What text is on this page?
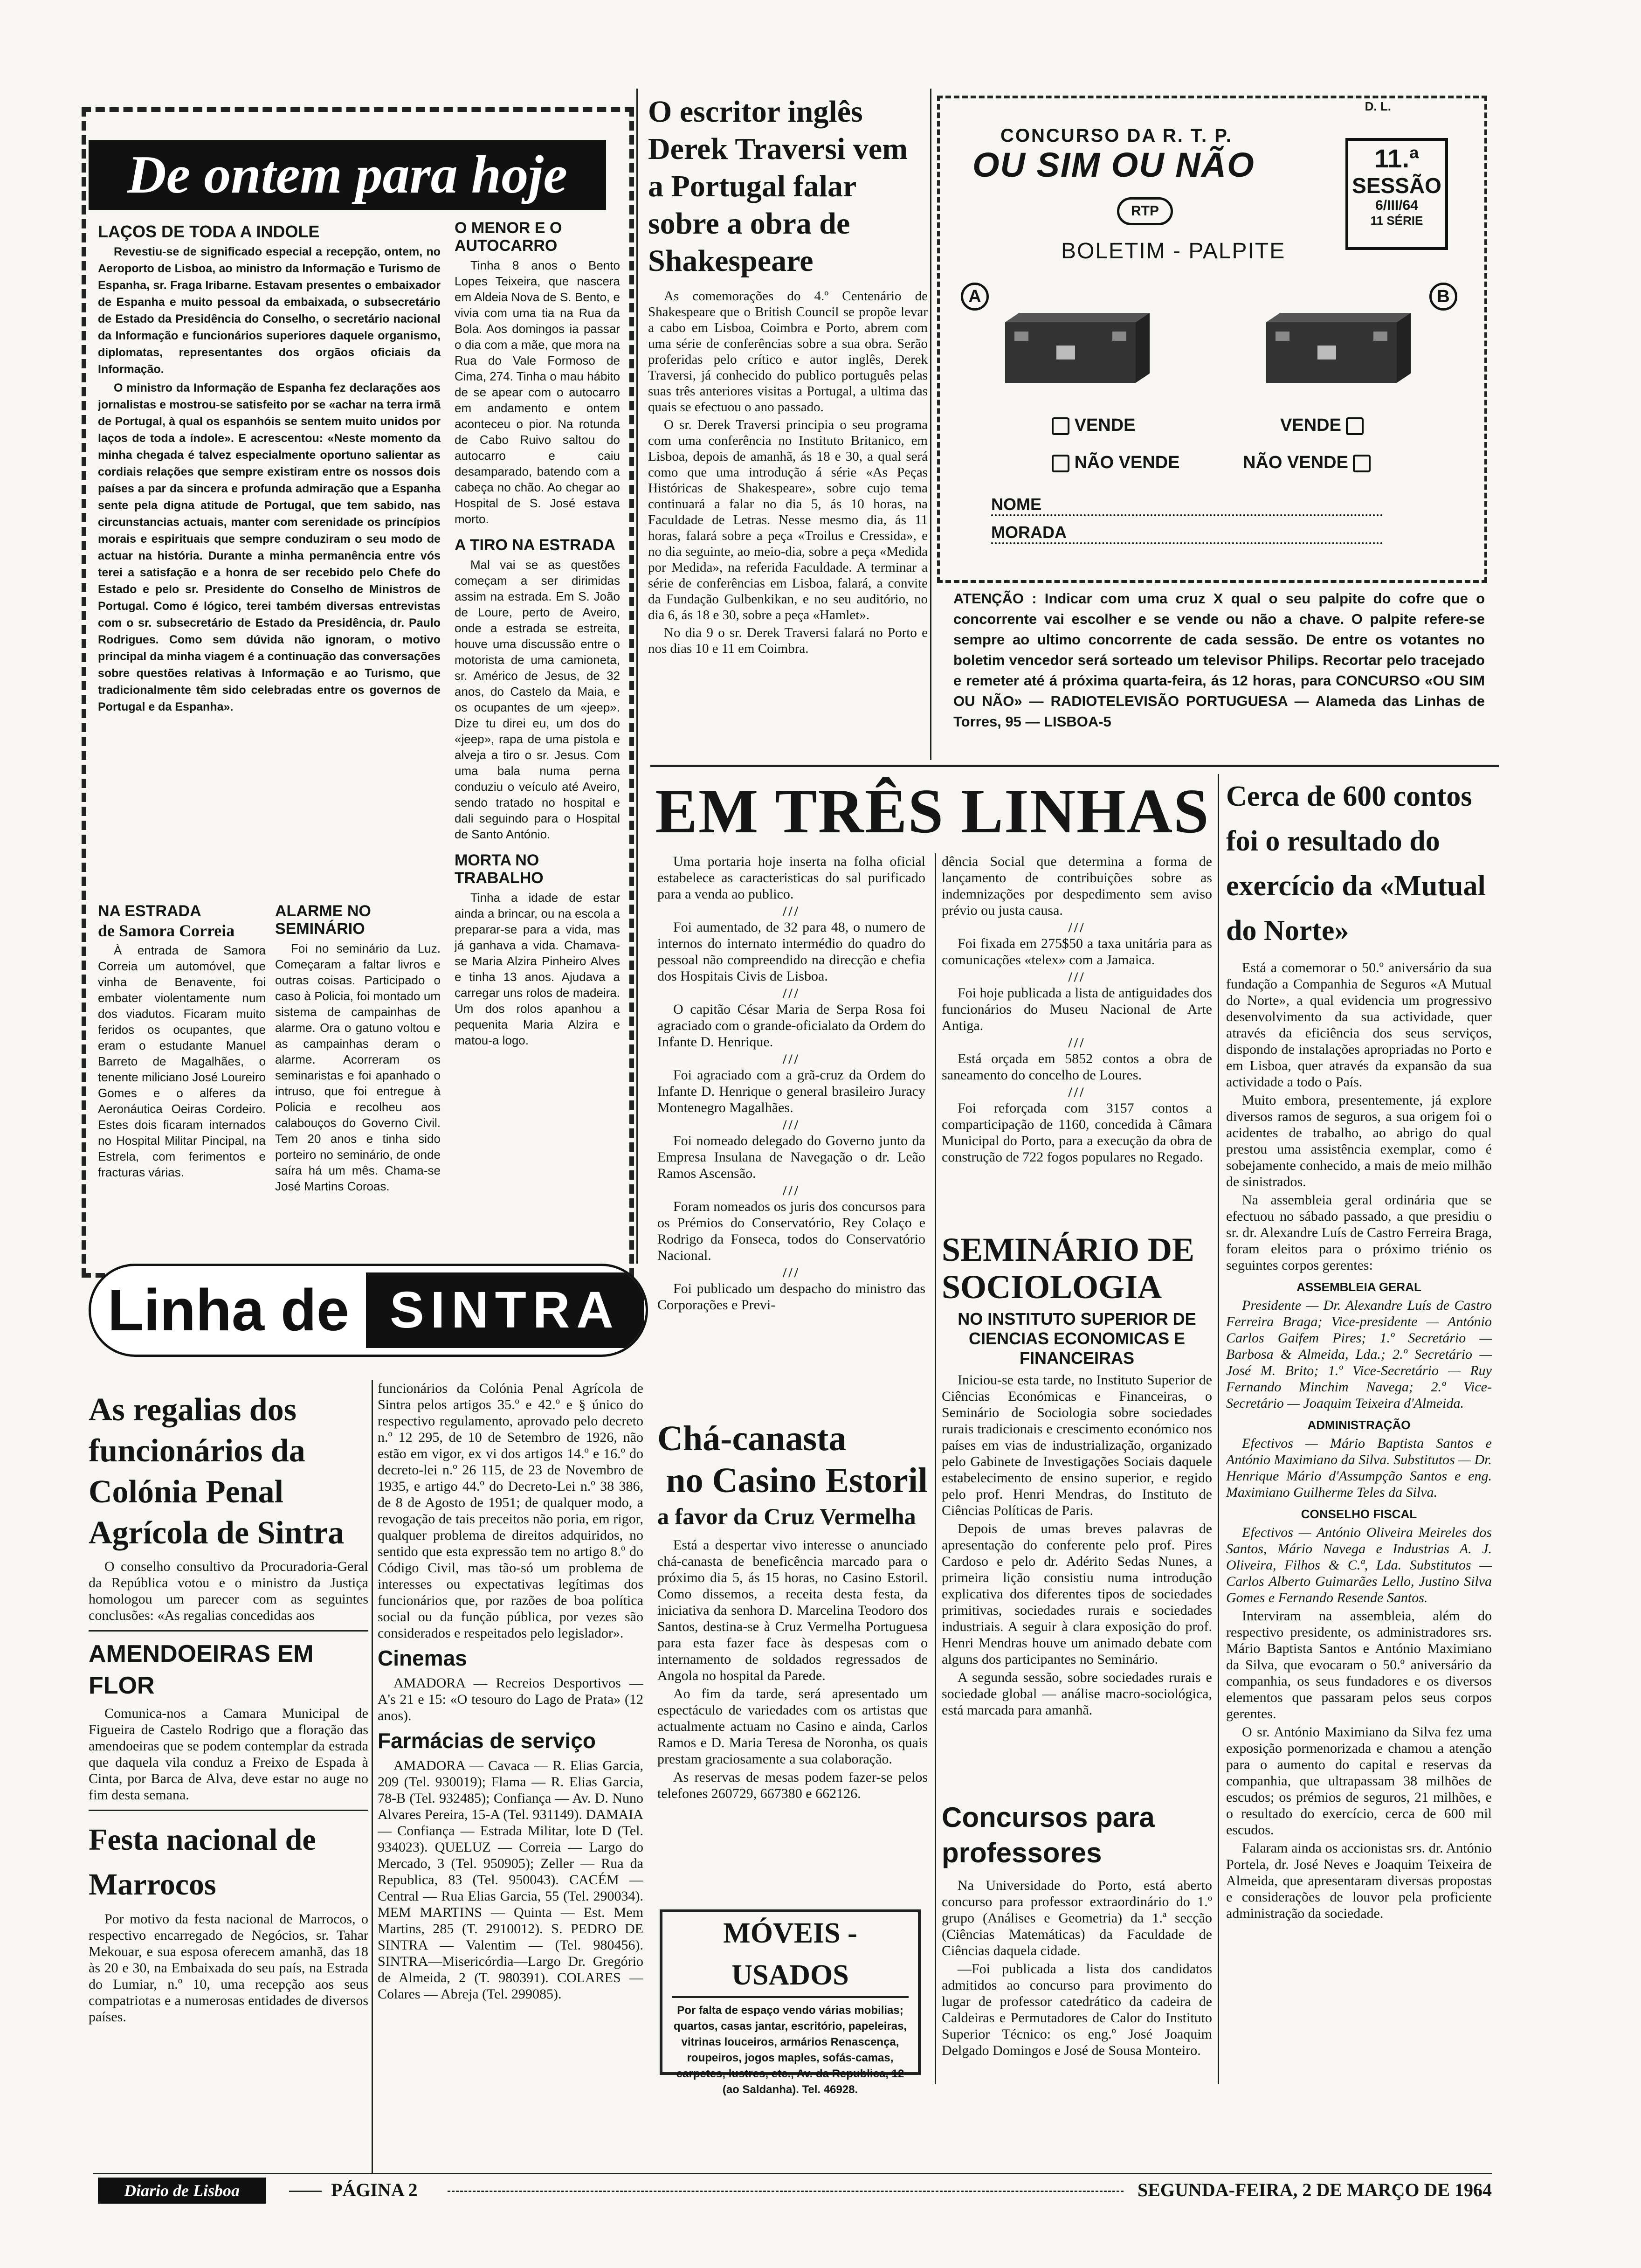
De ontem para hoje
LAÇOS DE TODA A INDOLE

Revestiu-se de significado especial a recepção, ontem, no Aeroporto de Lisboa, ao ministro da Informação e Turismo de Espanha, sr. Fraga Iribarne. Estavam presentes o embaixador de Espanha e muito pessoal da embaixada, o subsecretário de Estado da Presidência do Conselho, o secretário nacional da Informação e funcionários superiores daquele organismo, diplomatas, representantes dos orgãos oficiais da Informação.

O ministro da Informação de Espanha fez declarações aos jornalistas e mostrou-se satisfeito por se «achar na terra irmã de Portugal, à qual os espanhóis se sentem muito unidos por laços de toda a índole». E acrescentou: «Neste momento da minha chegada é talvez especialmente oportuno salientar as cordiais relações que sempre existiram entre os nossos dois países a par da sincera e profunda admiração que a Espanha sente pela digna atitude de Portugal, que tem sabido, nas circunstancias actuais, manter com serenidade os princípios morais e espirituais que sempre conduziram o seu modo de actuar na história. Durante a minha permanência entre vós terei a satisfação e a honra de ser recebido pelo Chefe do Estado e pelo sr. Presidente do Conselho de Ministros de Portugal. Como é lógico, terei também diversas entrevistas com o sr. subsecretário de Estado da Presidência, dr. Paulo Rodrigues. Como sem dúvida não ignoram, o motivo principal da minha viagem é a continuação das conversações sobre questões relativas à Informação e ao Turismo, que tradicionalmente têm sido celebradas entre os governos de Portugal e da Espanha».

NA ESTRADA
de Samora Correia

À entrada de Samora Correia um automóvel, que vinha de Benavente, foi embater violentamente num dos viadutos. Ficaram muito feridos os ocupantes, que eram o estudante Manuel Barreto de Magalhães, o tenente miliciano José Loureiro Gomes e o alferes da Aeronáutica Oeiras Cordeiro. Estes dois ficaram internados no Hospital Militar Pincipal, na Estrela, com ferimentos e fracturas várias.

ALARME NO SEMINÁRIO

Foi no seminário da Luz. Começaram a faltar livros e outras coisas. Participado o caso à Policia, foi montado um sistema de campainhas de alarme. Ora o gatuno voltou e as campainhas deram o alarme. Acorreram os seminaristas e foi apanhado o intruso, que foi entregue à Policia e recolheu aos calabouços do Governo Civil. Tem 20 anos e tinha sido porteiro no seminário, de onde saíra há um mês. Chama-se José Martins Coroas.

O MENOR E O AUTOCARRO

Tinha 8 anos o Bento Lopes Teixeira, que nascera em Aldeia Nova de S. Bento, e vivia com uma tia na Rua da Bola. Aos domingos ia passar o dia com a mãe, que mora na Rua do Vale Formoso de Cima, 274. Tinha o mau hábito de se apear com o autocarro em andamento e ontem aconteceu o pior. Na rotunda de Cabo Ruivo saltou do autocarro e caiu desamparado, batendo com a cabeça no chão. Ao chegar ao Hospital de S. José estava morto.

A TIRO NA ESTRADA

Mal vai se as questões começam a ser dirimidas assim na estrada. Em S. João de Loure, perto de Aveiro, onde a estrada se estreita, houve uma discussão entre o motorista de uma camioneta, sr. Américo de Jesus, de 32 anos, do Castelo da Maia, e os ocupantes de um «jeep». Dize tu direi eu, um dos do «jeep», rapa de uma pistola e alveja a tiro o sr. Jesus. Com uma bala numa perna conduziu o veículo até Aveiro, sendo tratado no hospital e dali seguindo para o Hospital de Santo António.

MORTA NO TRABALHO

Tinha a idade de estar ainda a brincar, ou na escola a preparar-se para a vida, mas já ganhava a vida. Chamava-se Maria Alzira Pinheiro Alves e tinha 13 anos. Ajudava a carregar uns rolos de madeira. Um dos rolos apanhou a pequenita Maria Alzira e matou-a logo.

O escritor inglês Derek Traversi vem a Portugal falar sobre a obra de Shakespeare

As comemorações do 4.º Centenário de Shakespeare que o British Council se propõe levar a cabo em Lisboa, Coimbra e Porto, abrem com uma série de conferências sobre a sua obra. Serão proferidas pelo crítico e autor inglês, Derek Traversi, já conhecido do publico português pelas suas três anteriores visitas a Portugal, a ultima das quais se efectuou o ano passado.

O sr. Derek Traversi principia o seu programa com uma conferência no Instituto Britanico, em Lisboa, depois de amanhã, ás 18 e 30, a qual será como que uma introdução á série «As Peças Históricas de Shakespeare», sobre cujo tema continuará a falar no dia 5, ás 10 horas, na Faculdade de Letras. Nesse mesmo dia, ás 11 horas, falará sobre a peça «Troilus e Cressida», e no dia seguinte, ao meio-dia, sobre a peça «Medida por Medida», na referida Faculdade. A terminar a série de conferências em Lisboa, falará, a convite da Fundação Gulbenkikan, e no seu auditório, no dia 6, ás 18 e 30, sobre a peça «Hamlet».

No dia 9 o sr. Derek Traversi falará no Porto e nos dias 10 e 11 em Coimbra.

D. L.
CONCURSO DA R. T. P.
OU SIM OU NÃO
RTP
BOLETIM - PALPITE
11.ª
SESSÃO
6/III/64
11 SÉRIE
A	B
VENDE
NÃO VENDE
VENDE
NÃO VENDE
NOME
MORADA
ATENÇÃO : Indicar com uma cruz X qual o seu palpite do cofre que o concorrente vai escolher e se vende ou não a chave. O palpite refere-se sempre ao ultimo concorrente de cada sessão. De entre os votantes no boletim vencedor será sorteado um televisor Philips. Recortar pelo tracejado e remeter até á próxima quarta-feira, ás 12 horas, para CONCURSO «OU SIM OU NÃO» — RADIOTELEVISÃO PORTUGUESA — Alameda das Linhas de Torres, 95 — LISBOA-5
EM TRÊS LINHAS

Uma portaria hoje inserta na folha oficial estabelece as caracteristicas do sal purificado para a venda ao publico.

///

Foi aumentado, de 32 para 48, o numero de internos do internato intermédio do quadro do pessoal não compreendido na direcção e chefia dos Hospitais Civis de Lisboa.

///

O capitão César Maria de Serpa Rosa foi agraciado com o grande-oficialato da Ordem do Infante D. Henrique.

///

Foi agraciado com a grã-cruz da Ordem do Infante D. Henrique o general brasileiro Juracy Montenegro Magalhães.

///

Foi nomeado delegado do Governo junto da Empresa Insulana de Navegação o dr. Leão Ramos Ascensão.

///

Foram nomeados os juris dos concursos para os Prémios do Conservatório, Rey Colaço e Rodrigo da Fonseca, todos do Conservatório Nacional.

///

Foi publicado um despacho do ministro das Corporações e Previ-

dência Social que determina a forma de lançamento de contribuições sobre as indemnizações por despedimento sem aviso prévio ou justa causa.

///

Foi fixada em 275$50 a taxa unitária para as comunicações «telex» com a Jamaica.

///

Foi hoje publicada a lista de antiguidades dos funcionários do Museu Nacional de Arte Antiga.

///

Está orçada em 5852 contos a obra de saneamento do concelho de Loures.

///

Foi reforçada com 3157 contos a comparticipação de 1160, concedida à Câmara Municipal do Porto, para a execução da obra de construção de 722 fogos populares no Regado.

SEMINÁRIO DE SOCIOLOGIA
NO INSTITUTO SUPERIOR DE CIENCIAS ECONOMICAS E FINANCEIRAS

Iniciou-se esta tarde, no Instituto Superior de Ciências Económicas e Financeiras, o Seminário de Sociologia sobre sociedades rurais tradicionais e crescimento económico nos países em vias de industrialização, organizado pelo Gabinete de Investigações Sociais daquele estabelecimento de ensino superior, e regido pelo prof. Henri Mendras, do Instituto de Ciências Políticas de Paris.

Depois de umas breves palavras de apresentação do conferente pelo prof. Pires Cardoso e pelo dr. Adérito Sedas Nunes, a primeira lição consistiu numa introdução explicativa dos diferentes tipos de sociedades primitivas, sociedades rurais e sociedades industriais. A seguir à clara exposição do prof. Henri Mendras houve um animado debate com alguns dos participantes no Seminário.

A segunda sessão, sobre sociedades rurais e sociedade global — análise macro-sociológica, está marcada para amanhã.

Concursos para professores

Na Universidade do Porto, está aberto concurso para professor extraordinário do 1.º grupo (Análises e Geometria) da 1.ª secção (Ciências Matemáticas) da Faculdade de Ciências daquela cidade.

—Foi publicada a lista dos candidatos admitidos ao concurso para provimento do lugar de professor catedrático da cadeira de Caldeiras e Permutadores de Calor do Instituto Superior Técnico: os eng.º José Joaquim Delgado Domingos e José de Sousa Monteiro.

Cerca de 600 contos foi o resultado do exercício da «Mutual do Norte»

Está a comemorar o 50.º aniversário da sua fundação a Companhia de Seguros «A Mutual do Norte», a qual evidencia um progressivo desenvolvimento da sua actividade, quer através da eficiência dos seus serviços, dispondo de instalações apropriadas no Porto e em Lisboa, quer através da expansão da sua actividade a todo o País.

Muito embora, presentemente, já explore diversos ramos de seguros, a sua origem foi o acidentes de trabalho, ao abrigo do qual prestou uma assistência exemplar, como é sobejamente conhecido, a mais de meio milhão de sinistrados.

Na assembleia geral ordinária que se efectuou no sábado passado, a que presidiu o sr. dr. Alexandre Luís de Castro Ferreira Braga, foram eleitos para o próximo triénio os seguintes corpos gerentes:

ASSEMBLEIA GERAL

Presidente — Dr. Alexandre Luís de Castro Ferreira Braga; Vice-presidente — António Carlos Gaifem Pires; 1.º Secretário — Barbosa & Almeida, Lda.; 2.º Secretário — José M. Brito; 1.º Vice-Secretário — Ruy Fernando Minchim Navega; 2.º Vice-Secretário — Joaquim Teixeira d'Almeida.

ADMINISTRAÇÃO

Efectivos — Mário Baptista Santos e António Maximiano da Silva. Substitutos — Dr. Henrique Mário d'Assumpção Santos e eng. Maximiano Guilherme Teles da Silva.

CONSELHO FISCAL

Efectivos — António Oliveira Meireles dos Santos, Mário Navega e Industrias A. J. Oliveira, Filhos & C.ª, Lda. Substitutos — Carlos Alberto Guimarães Lello, Justino Silva Gomes e Fernando Resende Santos.

Interviram na assembleia, além do respectivo presidente, os administradores srs. Mário Baptista Santos e António Maximiano da Silva, que evocaram o 50.º aniversário da companhia, os seus fundadores e os diversos elementos que passaram pelos seus corpos gerentes.

O sr. António Maximiano da Silva fez uma exposição pormenorizada e chamou a atenção para o aumento do capital e reservas da companhia, que ultrapassam 38 milhões de escudos; os prémios de seguros, 21 milhões, e o resultado do exercício, cerca de 600 mil escudos.

Falaram ainda os accionistas srs. dr. António Portela, dr. José Neves e Joaquim Teixeira de Almeida, que apresentaram diversas propostas e considerações de louvor pela proficiente administração da sociedade.

Linha de SINTRA
As regalias dos funcionários da Colónia Penal Agrícola de Sintra

O conselho consultivo da Procuradoria-Geral da República votou e o ministro da Justiça homologou um parecer com as seguintes conclusões: «As regalias concedidas aos

AMENDOEIRAS EM FLOR

Comunica-nos a Camara Municipal de Figueira de Castelo Rodrigo que a floração das amendoeiras que se podem contemplar da estrada que daquela vila conduz a Freixo de Espada à Cinta, por Barca de Alva, deve estar no auge no fim desta semana.

Festa nacional de Marrocos

Por motivo da festa nacional de Marrocos, o respectivo encarregado de Negócios, sr. Tahar Mekouar, e sua esposa oferecem amanhã, das 18 às 20 e 30, na Embaixada do seu país, na Estrada do Lumiar, n.º 10, uma recepção aos seus compatriotas e a numerosas entidades de diversos países.

funcionários da Colónia Penal Agrícola de Sintra pelos artigos 35.º e 42.º e § único do respectivo regulamento, aprovado pelo decreto n.º 12 295, de 10 de Setembro de 1926, não estão em vigor, ex vi dos artigos 14.º e 16.º do decreto-lei n.º 26 115, de 23 de Novembro de 1935, e artigo 44.º do Decreto-Lei n.º 38 386, de 8 de Agosto de 1951; de qualquer modo, a revogação de tais preceitos não poria, em rigor, qualquer problema de direitos adquiridos, no sentido que esta expressão tem no artigo 8.º do Código Civil, mas tão-só um problema de interesses ou expectativas legítimas dos funcionários que, por razões de boa política social ou da função pública, por vezes são considerados e respeitados pelo legislador».

Cinemas

AMADORA — Recreios Desportivos — A's 21 e 15: «O tesouro do Lago de Prata» (12 anos).

Farmácias de serviço

AMADORA — Cavaca — R. Elias Garcia, 209 (Tel. 930019); Flama — R. Elias Garcia, 78-B (Tel. 932485); Confiança — Av. D. Nuno Alvares Pereira, 15-A (Tel. 931149). DAMAIA — Confiança — Estrada Militar, lote D (Tel. 934023). QUELUZ — Correia — Largo do Mercado, 3 (Tel. 950905); Zeller — Rua da Republica, 83 (Tel. 950043). CACÉM — Central — Rua Elias Garcia, 55 (Tel. 290034). MEM MARTINS — Quinta — Est. Mem Martins, 285 (T. 2910012). S. PEDRO DE SINTRA — Valentim — (Tel. 980456). SINTRA—Misericórdia—Largo Dr. Gregório de Almeida, 2 (T. 980391). COLARES — Colares — Abreja (Tel. 299085).

Chá-canasta
no Casino Estoril
a favor da Cruz Vermelha

Está a despertar vivo interesse o anunciado chá-canasta de beneficência marcado para o próximo dia 5, ás 15 horas, no Casino Estoril. Como dissemos, a receita desta festa, da iniciativa da senhora D. Marcelina Teodoro dos Santos, destina-se à Cruz Vermelha Portuguesa para esta fazer face às despesas com o internamento de soldados regressados de Angola no hospital da Parede.

Ao fim da tarde, será apresentado um espectáculo de variedades com os artistas que actualmente actuam no Casino e ainda, Carlos Ramos e D. Maria Teresa de Noronha, os quais prestam graciosamente a sua colaboração.

As reservas de mesas podem fazer-se pelos telefones 260729, 667380 e 662126.

MÓVEIS - USADOS
Por falta de espaço vendo várias mobilias; quartos, casas jantar, escritório, papeleiras, vitrinas louceiros, armários Renascença, roupeiros, jogos maples, sofás-camas, carpetes, lustres, etc., Av. da Republica, 12 (ao Saldanha). Tel. 46928.
Diario de Lisboa	PÁGINA 2	SEGUNDA-FEIRA, 2 DE MARÇO DE 1964
